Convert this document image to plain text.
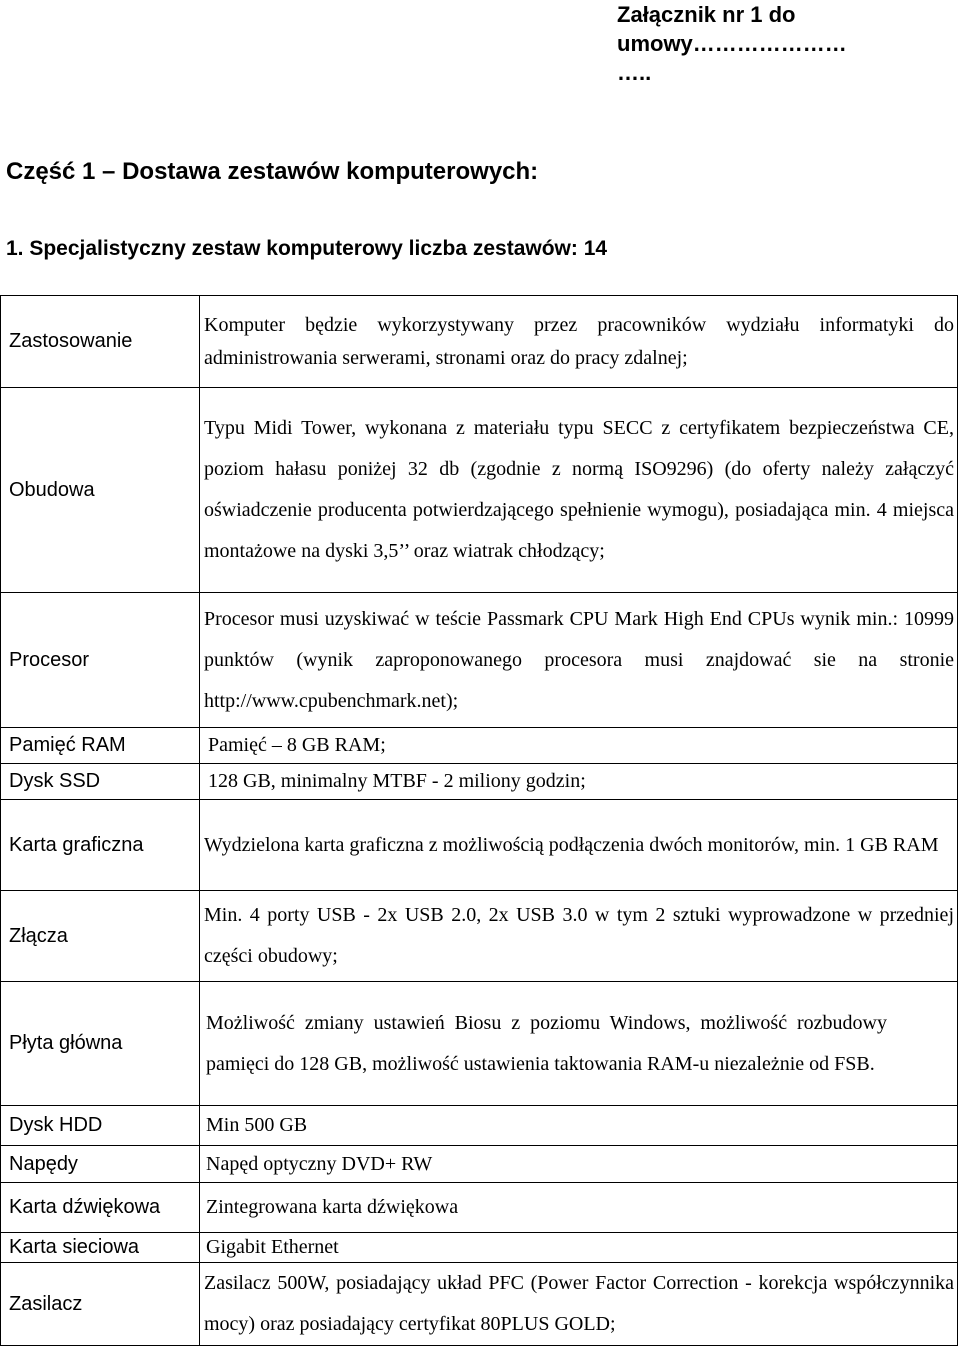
Załącznik nr 1 do
umowy…………………
…..
Część 1 – Dostawa zestawów komputerowych:
1. Specjalistyczny zestaw komputerowy liczba zestawów: 14
Zastosowanie	Komputer będzie wykorzystywany przez pracowników wydziału informatyki do administrowania serwerami, stronami oraz do pracy zdalnej;
Obudowa	Typu Midi Tower, wykonana z materiału typu SECC z certyfikatem bezpieczeństwa CE, poziom hałasu poniżej 32 db (zgodnie z normą ISO9296) (do oferty należy załączyć oświadczenie producenta potwierdzającego spełnienie wymogu), posiadająca min. 4 miejsca montażowe na dyski 3,5’’ oraz wiatrak chłodzący;
Procesor	Procesor musi uzyskiwać w teście Passmark CPU Mark High End CPUs wynik min.: 10999 punktów (wynik zaproponowanego procesora musi znajdować sie na stronie http://www.cpubenchmark.net);
Pamięć RAM	Pamięć – 8 GB RAM;
Dysk SSD	128 GB, minimalny MTBF - 2 miliony godzin;
Karta graficzna	Wydzielona karta graficzna z możliwością podłączenia dwóch monitorów, min. 1 GB RAM
Złącza	Min. 4 porty USB - 2x USB 2.0, 2x USB 3.0 w tym 2 sztuki wyprowadzone w przedniej części obudowy;
Płyta główna	Możliwość zmiany ustawień Biosu z poziomu Windows, możliwość rozbudowy pamięci do 128 GB, możliwość ustawienia taktowania RAM-u niezależnie od FSB.
Dysk HDD	Min 500 GB
Napędy	Napęd optyczny DVD+ RW
Karta dźwiękowa	Zintegrowana karta dźwiękowa
Karta sieciowa	Gigabit Ethernet
Zasilacz	Zasilacz 500W, posiadający układ PFC (Power Factor Correction - korekcja współczynnika mocy) oraz posiadający certyfikat 80PLUS GOLD;
